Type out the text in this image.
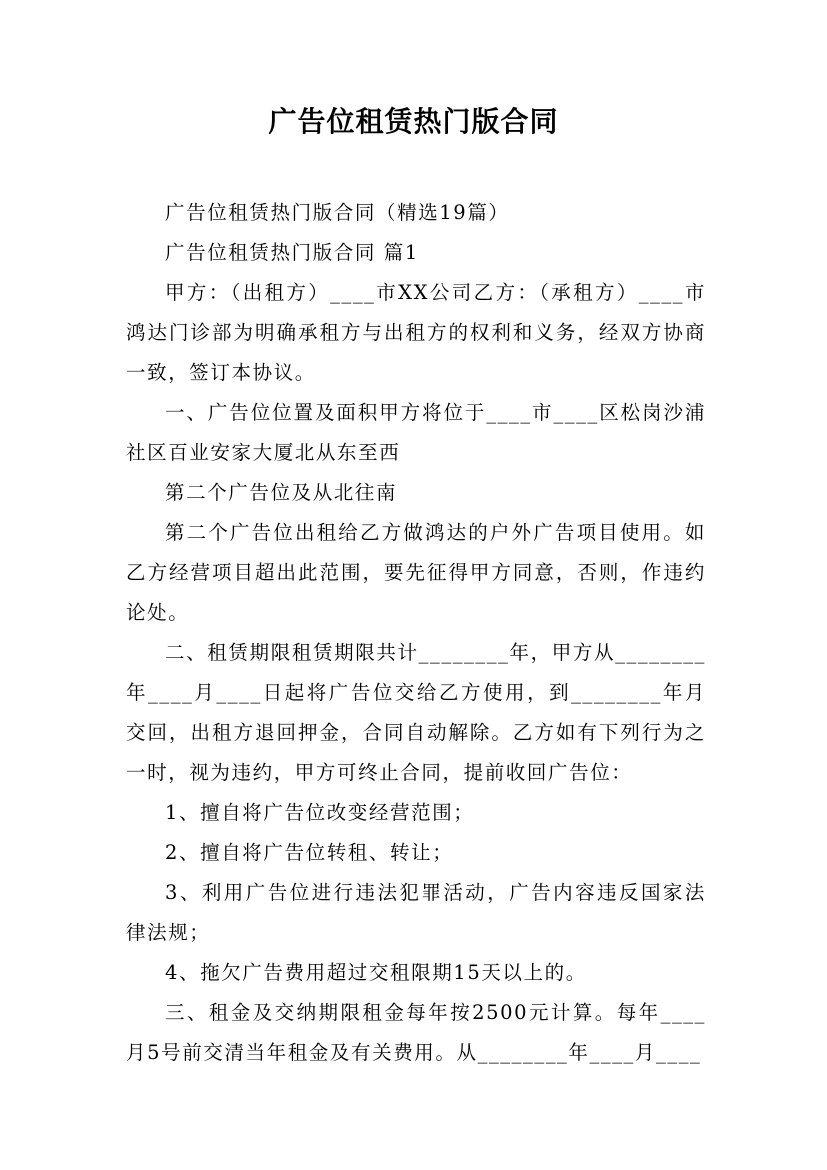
广告位租赁热门版合同

广告位租赁热门版合同（精选19篇）

广告位租赁热门版合同 篇1

甲方：（出租方）____市XX公司乙方：（承租方）____市鸿达门诊部为明确承租方与出租方的权利和义务，经双方协商一致，签订本协议。

一、广告位位置及面积甲方将位于____市____区松岗沙浦社区百业安家大厦北从东至西

第二个广告位及从北往南

第二个广告位出租给乙方做鸿达的户外广告项目使用。如乙方经营项目超出此范围，要先征得甲方同意，否则，作违约论处。

二、租赁期限租赁期限共计________年，甲方从________年____月____日起将广告位交给乙方使用，到________年月交回，出租方退回押金，合同自动解除。乙方如有下列行为之一时，视为违约，甲方可终止合同，提前收回广告位：

1、擅自将广告位改变经营范围；

2、擅自将广告位转租、转让；

3、利用广告位进行违法犯罪活动，广告内容违反国家法律法规；

4、拖欠广告费用超过交租限期15天以上的。

三、租金及交纳期限租金每年按2500元计算。每年____月5号前交清当年租金及有关费用。从________年____月____
